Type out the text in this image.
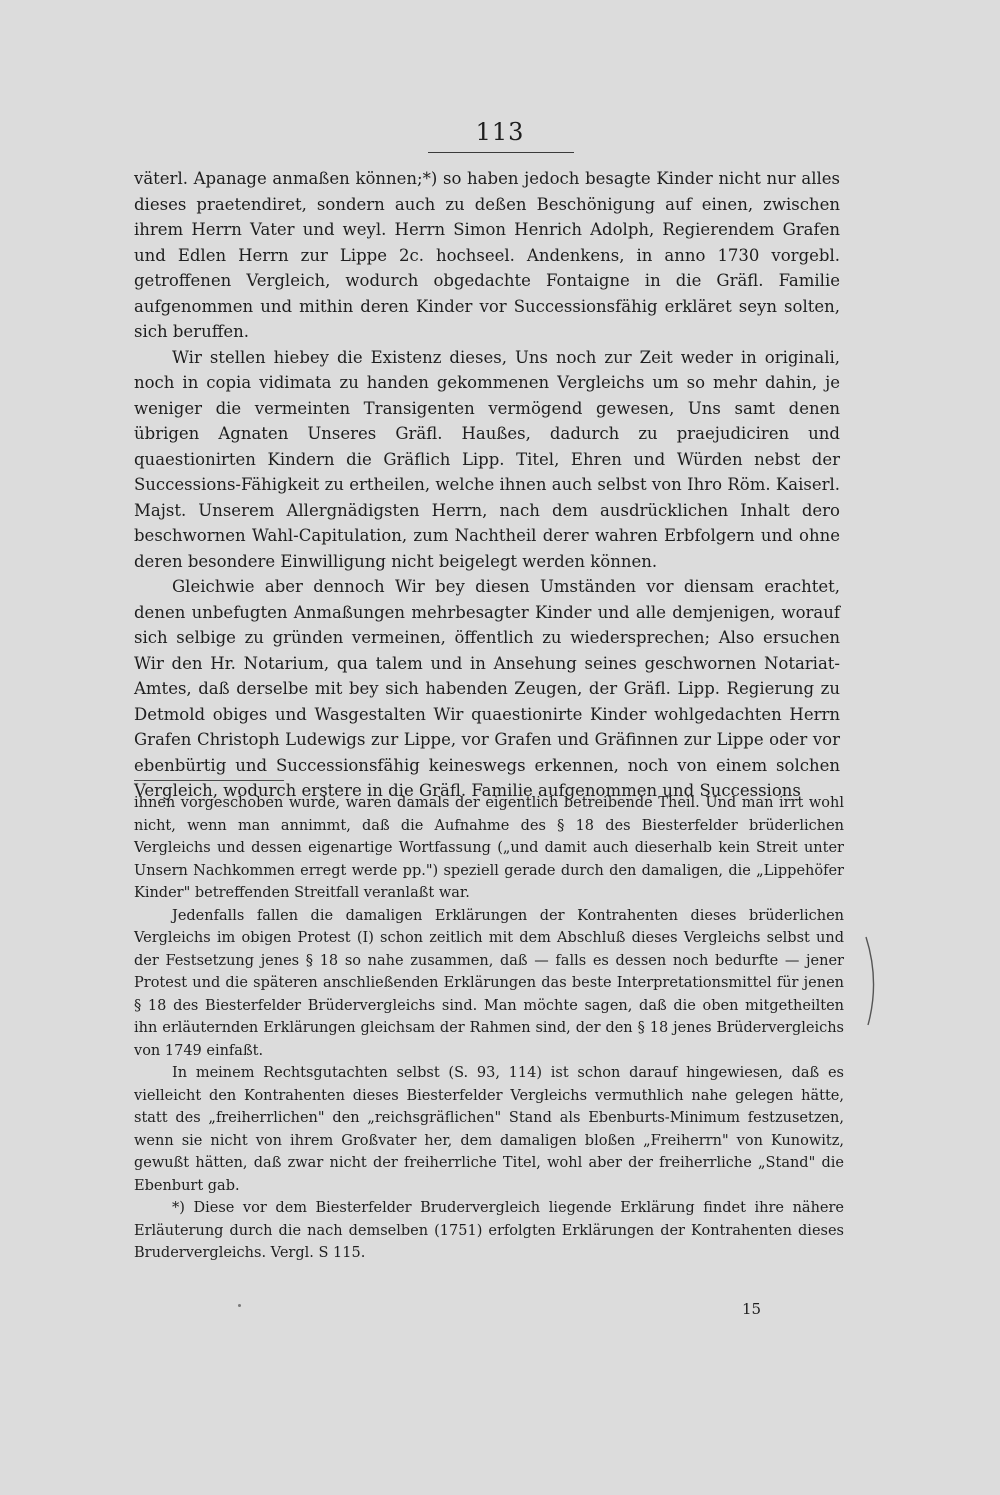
113

väterl. Apanage anmaßen können;*) so haben jedoch besagte Kinder nicht nur alles dieses praetendiret, sondern auch zu deßen Beschönigung auf einen, zwischen ihrem Herrn Vater und weyl. Herrn Simon Henrich Adolph, Regierendem Grafen und Edlen Herrn zur Lippe 2c. hochseel. Andenkens, in anno 1730 vorgebl. getroffenen Vergleich, wodurch obgedachte Fontaigne in die Gräfl. Familie aufgenommen und mithin deren Kinder vor Successionsfähig erkläret seyn solten, sich beruffen.

Wir stellen hiebey die Existenz dieses, Uns noch zur Zeit weder in originali, noch in copia vidimata zu handen gekommenen Vergleichs um so mehr dahin, je weniger die vermeinten Transigenten vermögend gewesen, Uns samt denen übrigen Agnaten Unseres Gräfl. Haußes, dadurch zu praejudiciren und quaestionirten Kindern die Gräflich Lipp. Titel, Ehren und Würden nebst der Successions-Fähigkeit zu ertheilen, welche ihnen auch selbst von Ihro Röm. Kaiserl. Majst. Unserem Allergnädigsten Herrn, nach dem ausdrücklichen Inhalt dero beschwornen Wahl-Capitulation, zum Nachtheil derer wahren Erbfolgern und ohne deren besondere Einwilligung nicht beigelegt werden können.

Gleichwie aber dennoch Wir bey diesen Umständen vor diensam erachtet, denen unbefugten Anmaßungen mehrbesagter Kinder und alle demjenigen, worauf sich selbige zu gründen vermeinen, öffentlich zu wiedersprechen; Also ersuchen Wir den Hr. Notarium, qua talem und in Ansehung seines geschwornen Notariat-Amtes, daß derselbe mit bey sich habenden Zeugen, der Gräfl. Lipp. Regierung zu Detmold obiges und Wasgestalten Wir quaestionirte Kinder wohlgedachten Herrn Grafen Christoph Ludewigs zur Lippe, vor Grafen und Gräfinnen zur Lippe oder vor ebenbürtig und Successionsfähig keineswegs erkennen, noch von einem solchen Vergleich, wodurch erstere in die Gräfl. Familie aufgenommen und Successions

ihnen vorgeschoben wurde, waren damals der eigentlich betreibende Theil. Und man irrt wohl nicht, wenn man annimmt, daß die Aufnahme des § 18 des Biesterfelder brüderlichen Vergleichs und dessen eigenartige Wortfassung („und damit auch dieserhalb kein Streit unter Unsern Nachkommen erregt werde pp.") speziell gerade durch den damaligen, die „Lippehöfer Kinder" betreffenden Streitfall veranlaßt war.

Jedenfalls fallen die damaligen Erklärungen der Kontrahenten dieses brüderlichen Vergleichs im obigen Protest (I) schon zeitlich mit dem Abschluß dieses Vergleichs selbst und der Festsetzung jenes § 18 so nahe zusammen, daß — falls es dessen noch bedurfte — jener Protest und die späteren anschließenden Erklärungen das beste Interpretationsmittel für jenen § 18 des Biesterfelder Brüdervergleichs sind. Man möchte sagen, daß die oben mitgetheilten ihn erläuternden Erklärungen gleichsam der Rahmen sind, der den § 18 jenes Brüdervergleichs von 1749 einfaßt.

In meinem Rechtsgutachten selbst (S. 93, 114) ist schon darauf hingewiesen, daß es vielleicht den Kontrahenten dieses Biesterfelder Vergleichs vermuthlich nahe gelegen hätte, statt des „freiherrlichen" den „reichsgräflichen" Stand als Ebenburts-Minimum festzusetzen, wenn sie nicht von ihrem Großvater her, dem damaligen bloßen „Freiherrn" von Kunowitz, gewußt hätten, daß zwar nicht der freiherrliche Titel, wohl aber der freiherrliche „Stand" die Ebenburt gab.

*) Diese vor dem Biesterfelder Brudervergleich liegende Erklärung findet ihre nähere Erläuterung durch die nach demselben (1751) erfolgten Erklärungen der Kontrahenten dieses Brudervergleichs. Vergl. S 115.

15
